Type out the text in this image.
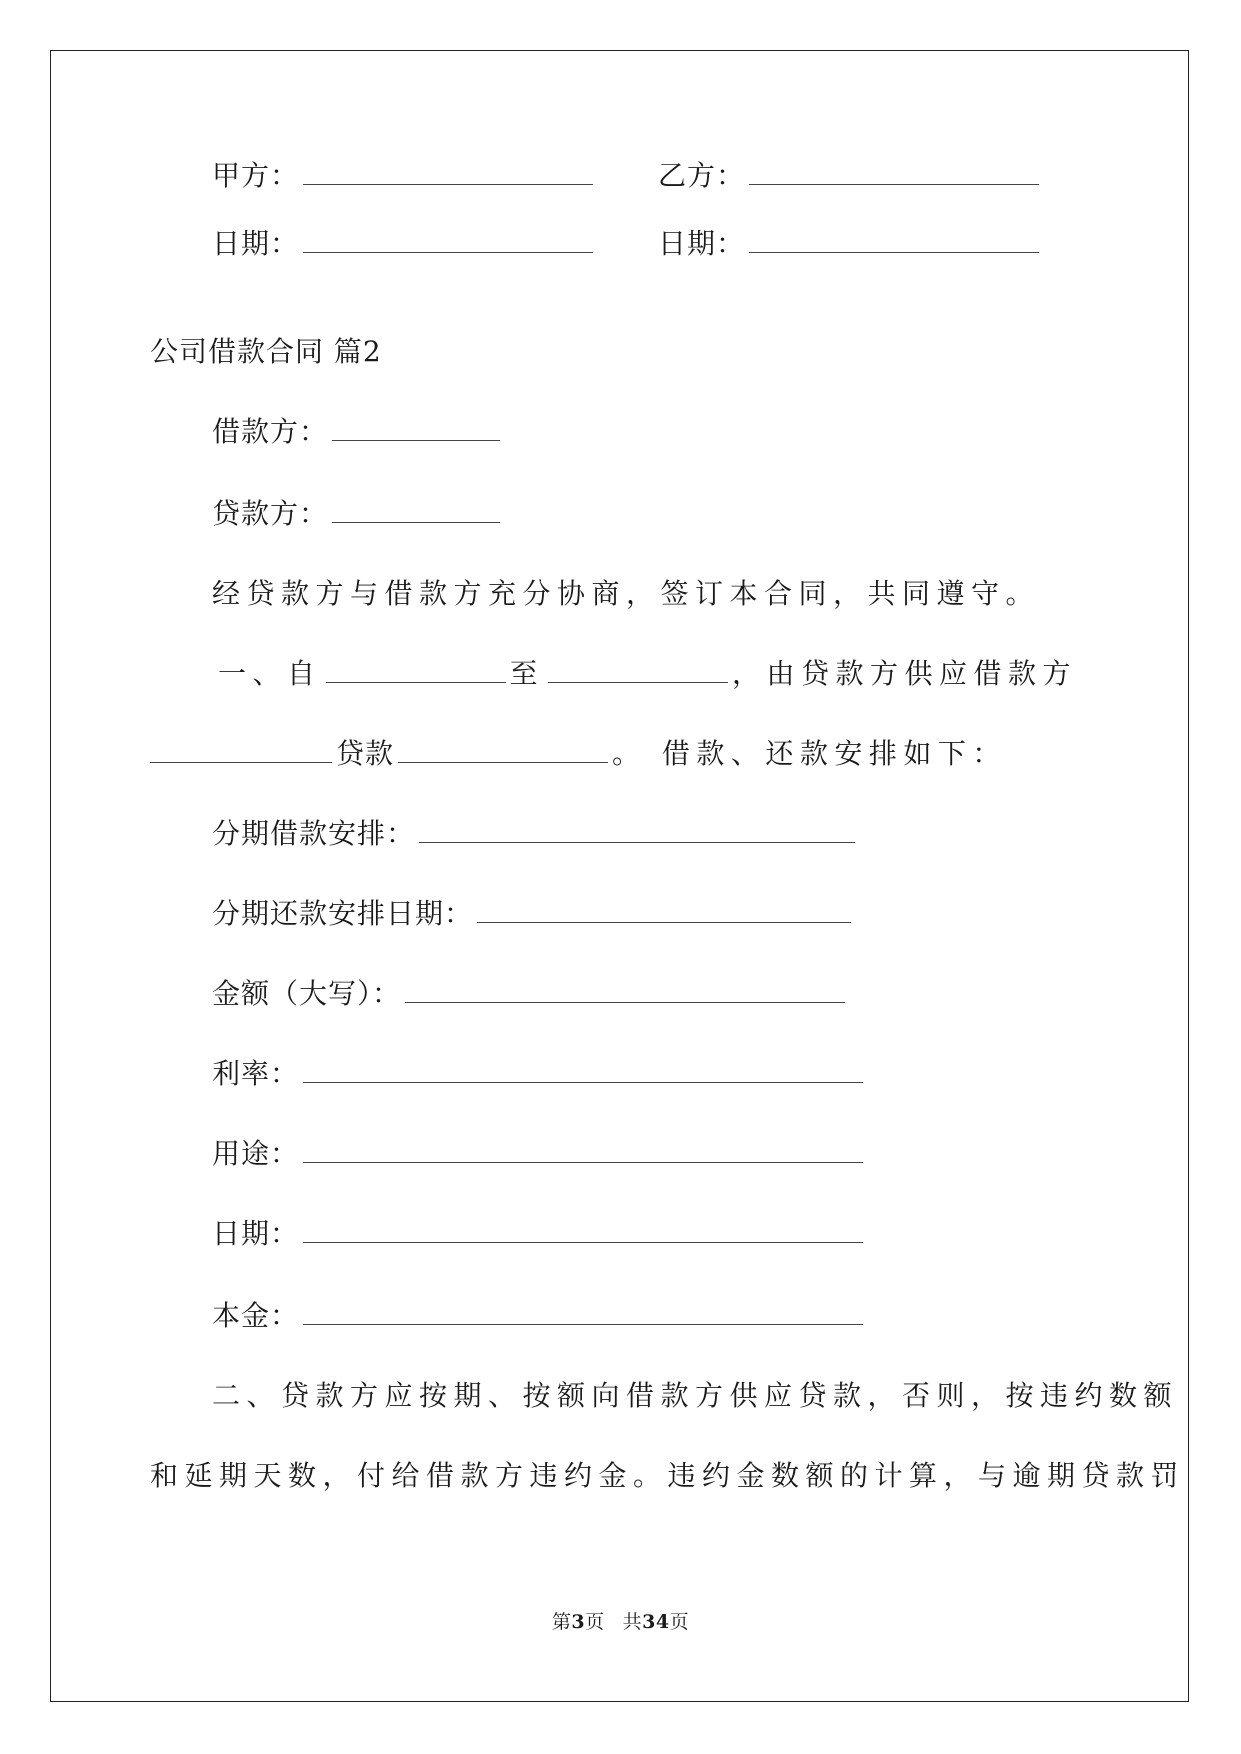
甲方：	乙方：
日期：	日期：
公司借款合同 篇2
借款方：
贷款方：
经贷款方与借款方充分协商，签订本合同，共同遵守。
一、自	至	，由贷款方供应借款方
贷款	。 借款、还款安排如下：
分期借款安排：
分期还款安排日期：
金额（大写）：
利率：
用途：
日期：
本金：
二、贷款方应按期、按额向借款方供应贷款，否则，按违约数额
和延期天数，付给借款方违约金。违约金数额的计算，与逾期贷款罚
第3页 共34页
